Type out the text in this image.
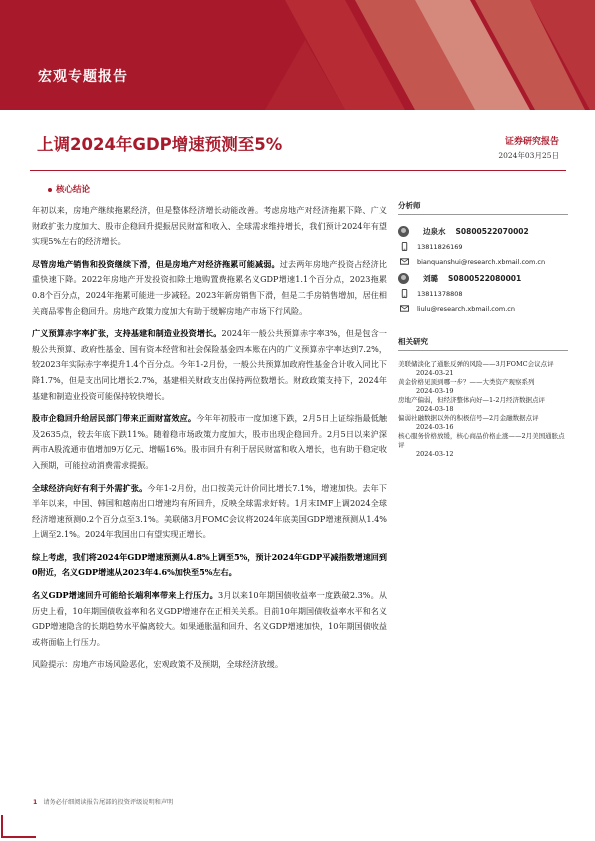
宏观专题报告
上调2024年GDP增速预测至5%	证券研究报告
2024年03月25日
核心结论

年初以来，房地产继续拖累经济，但是整体经济增长动能改善。考虑房地产对经济拖累下降、广义财政扩张力度加大、股市企稳回升提振居民财富和收入、全球需求维持增长，我们预计2024年有望实现5%左右的经济增长。

尽管房地产销售和投资继续下滑，但是房地产对经济拖累可能减弱。过去两年房地产投资占经济比重快速下降。2022年房地产开发投资扣除土地购置费拖累名义GDP增速1.1个百分点，2023拖累0.8个百分点，2024年拖累可能进一步减轻。2023年新房销售下滑，但是二手房销售增加，居住相关商品零售企稳回升。房地产政策力度加大有助于缓解房地产市场下行风险。

广义预算赤字率扩张，支持基建和制造业投资增长。2024年一般公共预算赤字率3%，但是包含一般公共预算、政府性基金、国有资本经营和社会保险基金四本账在内的广义预算赤字率达到7.2%，较2023年实际赤字率提升1.4个百分点。今年1-2月份，一般公共预算加政府性基金合计收入同比下降1.7%，但是支出同比增长2.7%，基建相关财政支出保持两位数增长。财政政策支持下，2024年基建和制造业投资可能保持较快增长。

股市企稳回升给居民部门带来正面财富效应。今年年初股市一度加速下跌，2月5日上证综指最低触及2635点，较去年底下跌11%。随着稳市场政策力度加大，股市出现企稳回升。2月5日以来沪深两市A股流通市值增加9万亿元、增幅16%。股市回升有利于居民财富和收入增长，也有助于稳定收入预期，可能拉动消费需求提振。

全球经济向好有利于外需扩张。今年1-2月份，出口按美元计价同比增长7.1%，增速加快。去年下半年以来，中国、韩国和越南出口增速均有所回升，反映全球需求好转。1月末IMF上调2024全球经济增速预测0.2个百分点至3.1%。美联储3月FOMC会议将2024年底美国GDP增速预测从1.4%上调至2.1%。2024年我国出口有望实现正增长。

综上考虑，我们将2024年GDP增速预测从4.8%上调至5%，预计2024年GDP平减指数增速回到0附近，名义GDP增速从2023年4.6%加快至5%左右。

名义GDP增速回升可能给长端利率带来上行压力。3月以来10年期国债收益率一度跌破2.3%。从历史上看，10年期国债收益率和名义GDP增速存在正相关关系。目前10年期国债收益率水平和名义GDP增速隐含的长期趋势水平偏离较大。如果通胀温和回升、名义GDP增速加快，10年期国债收益或将面临上行压力。

风险提示：房地产市场风险恶化，宏观政策不及预期，全球经济放缓。

分析师
边泉水 S0800522070002
13811826169
bianquanshui@research.xbmail.com.cn
刘璐 S0800522080001
13811378808
liulu@research.xbmail.com.cn
相关研究
美联储淡化了通胀反弹的风险——3月FOMC会议点评
2024-03-21
黄金价格见顶到哪一步？——大类资产观察系列
2024-03-19
房地产偏弱，但经济整体向好—1-2月经济数据点评
2024-03-18
偏弱社融数据以外的积极信号—2月金融数据点评
2024-03-16
核心服务价格放缓，核心商品价格止涨——2月美国通胀点评
2024-03-12
1 请务必仔细阅读报告尾部的投资评级说明和声明
